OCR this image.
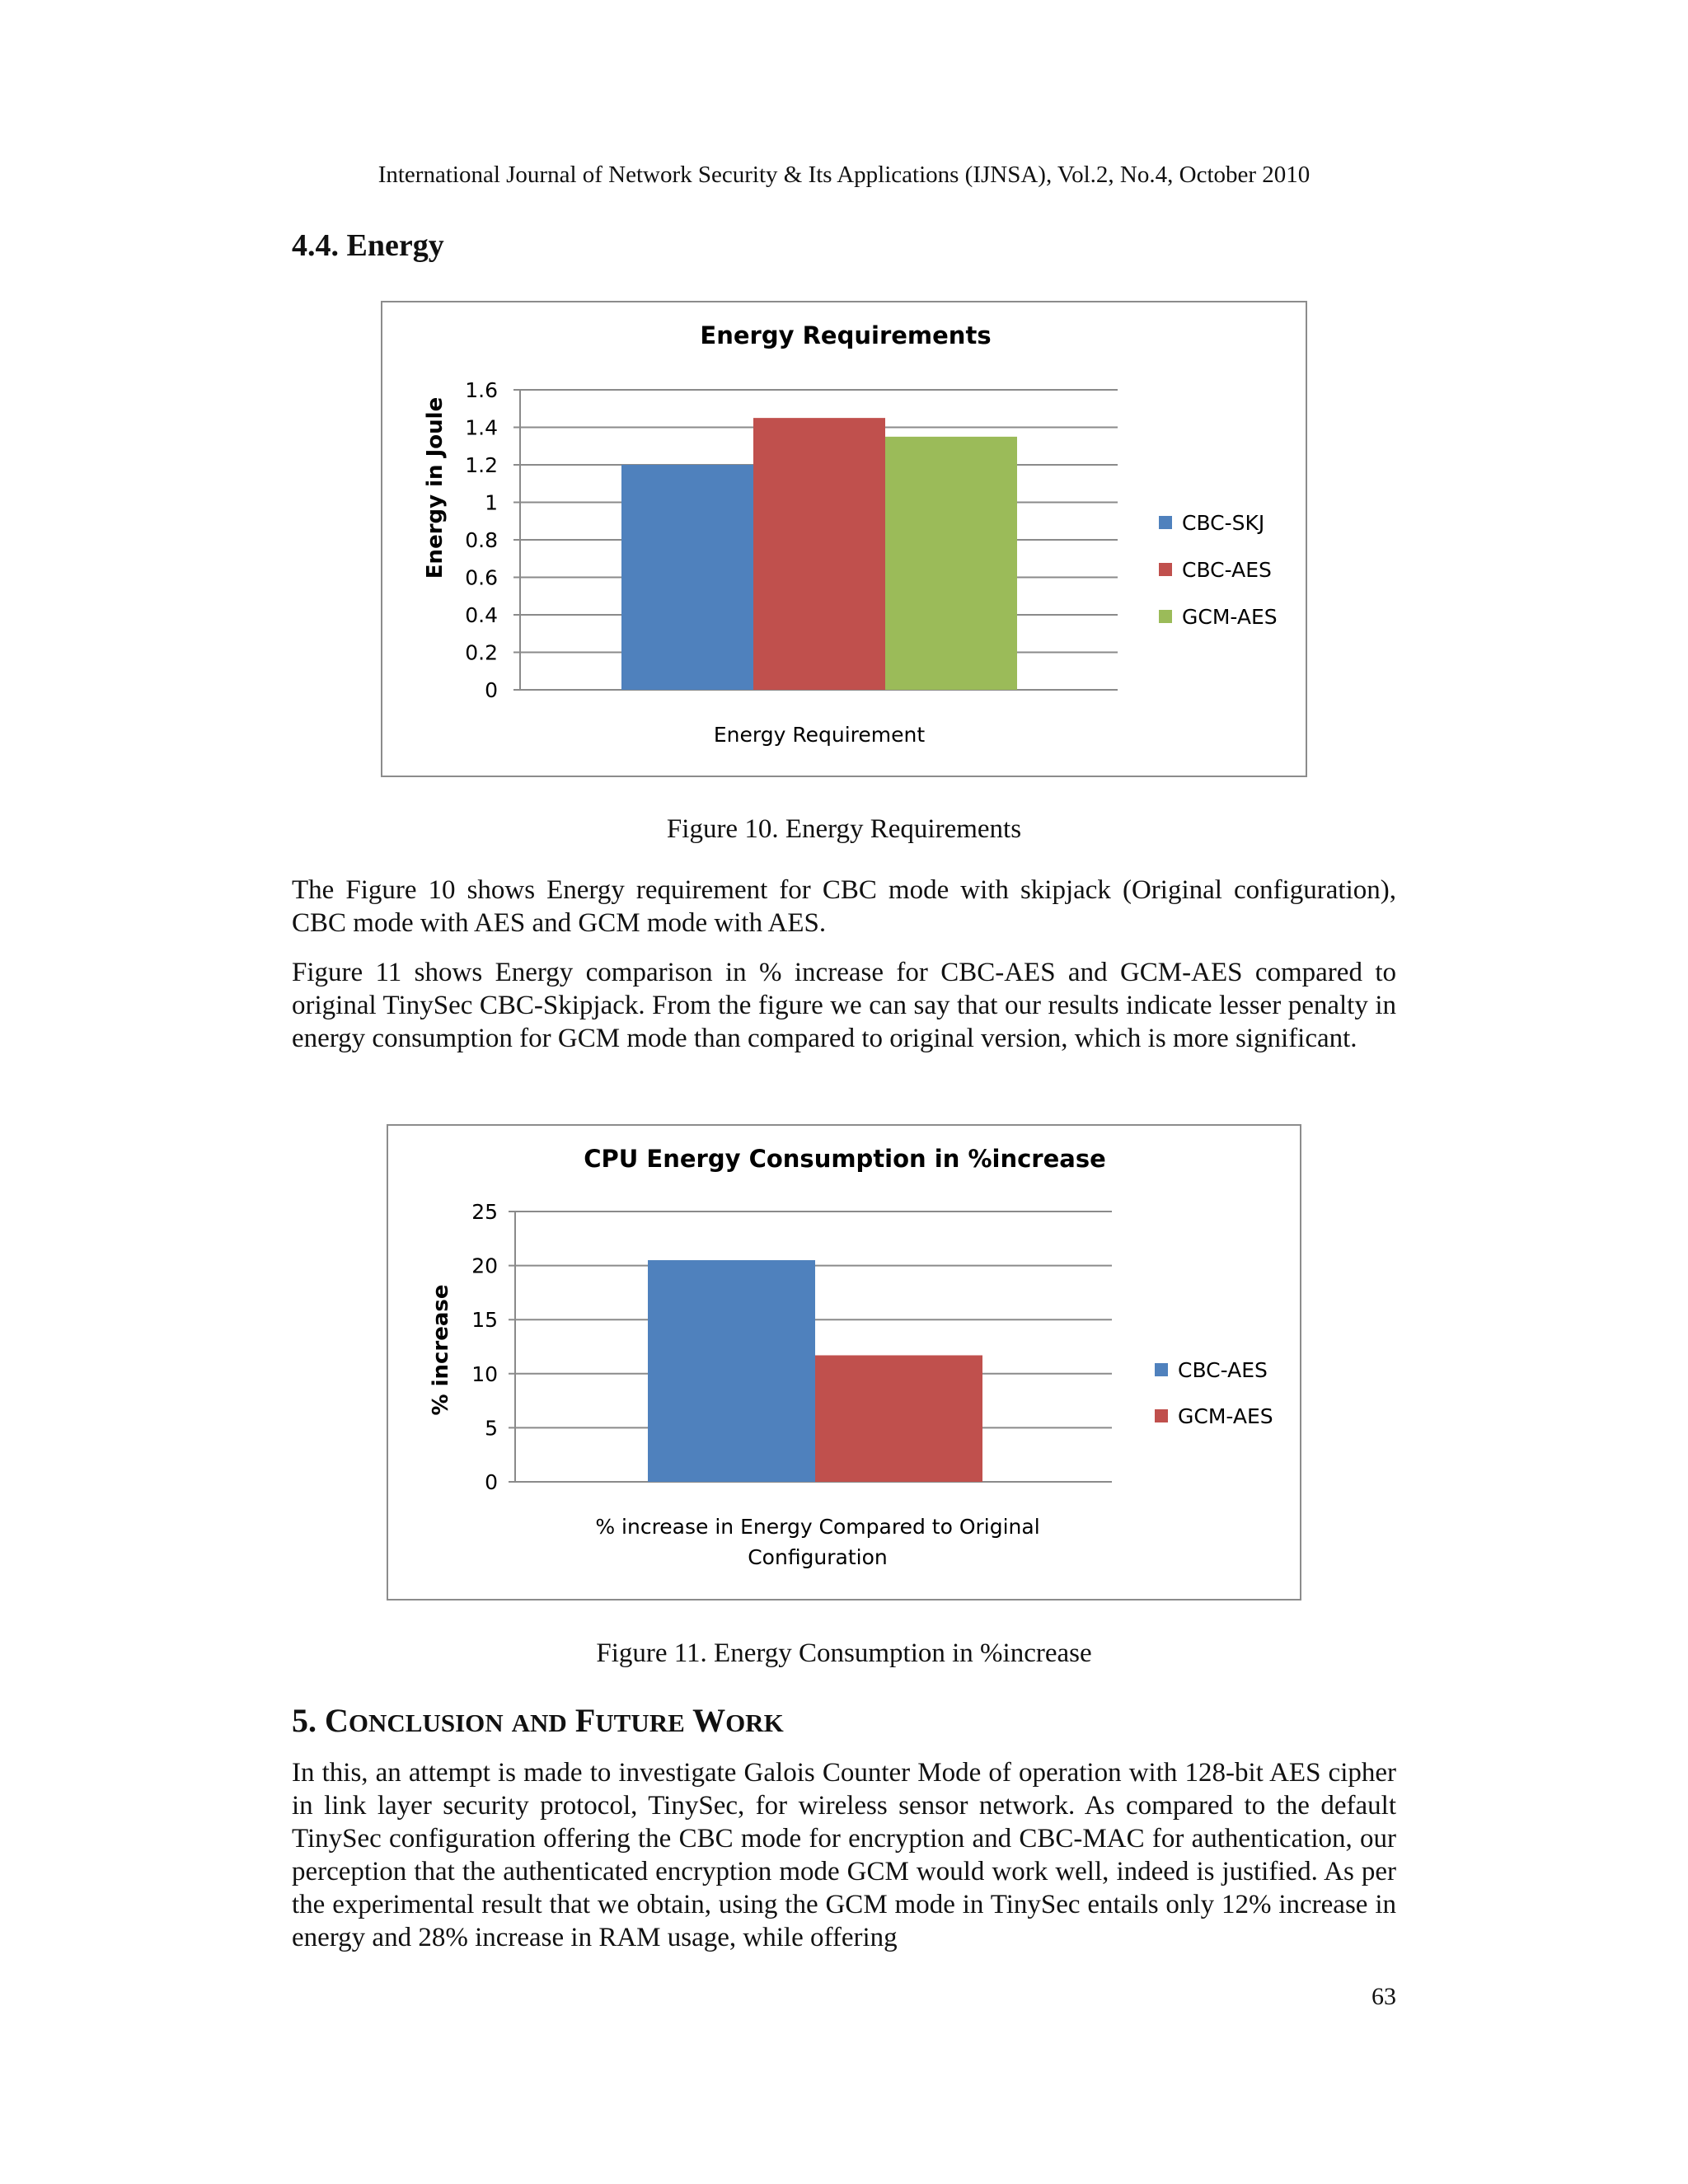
International Journal of Network Security & Its Applications (IJNSA), Vol.2, No.4, October 2010
4.4. Energy
Energy Requirements
Energy in Joule
Energy Requirement
0
0.2
0.4
0.6
0.8
1
1.2
1.4
1.6
CBC-SKJ
CBC-AES
GCM-AES
Figure 10. Energy Requirements

The Figure 10 shows Energy requirement for CBC mode with skipjack (Original configuration), CBC mode with AES and GCM mode with AES.

Figure 11 shows Energy comparison in % increase for CBC-AES and GCM-AES compared to original TinySec CBC-Skipjack. From the figure we can say that our results indicate lesser penalty in energy consumption for GCM mode than compared to original version, which is more significant.

CPU Energy Consumption in %increase
% increase
% increase in Energy Compared to Original
Configuration
0
5
10
15
20
25
CBC-AES
GCM-AES
Figure 11. Energy Consumption in %increase
5. CONCLUSION AND FUTURE WORK

In this, an attempt is made to investigate Galois Counter Mode of operation with 128-bit AES cipher in link layer security protocol, TinySec, for wireless sensor network. As compared to the default TinySec configuration offering the CBC mode for encryption and CBC-MAC for authentication, our perception that the authenticated encryption mode GCM would work well, indeed is justified. As per the experimental result that we obtain, using the GCM mode in TinySec entails only 12% increase in energy and 28% increase in RAM usage, while offering

63
